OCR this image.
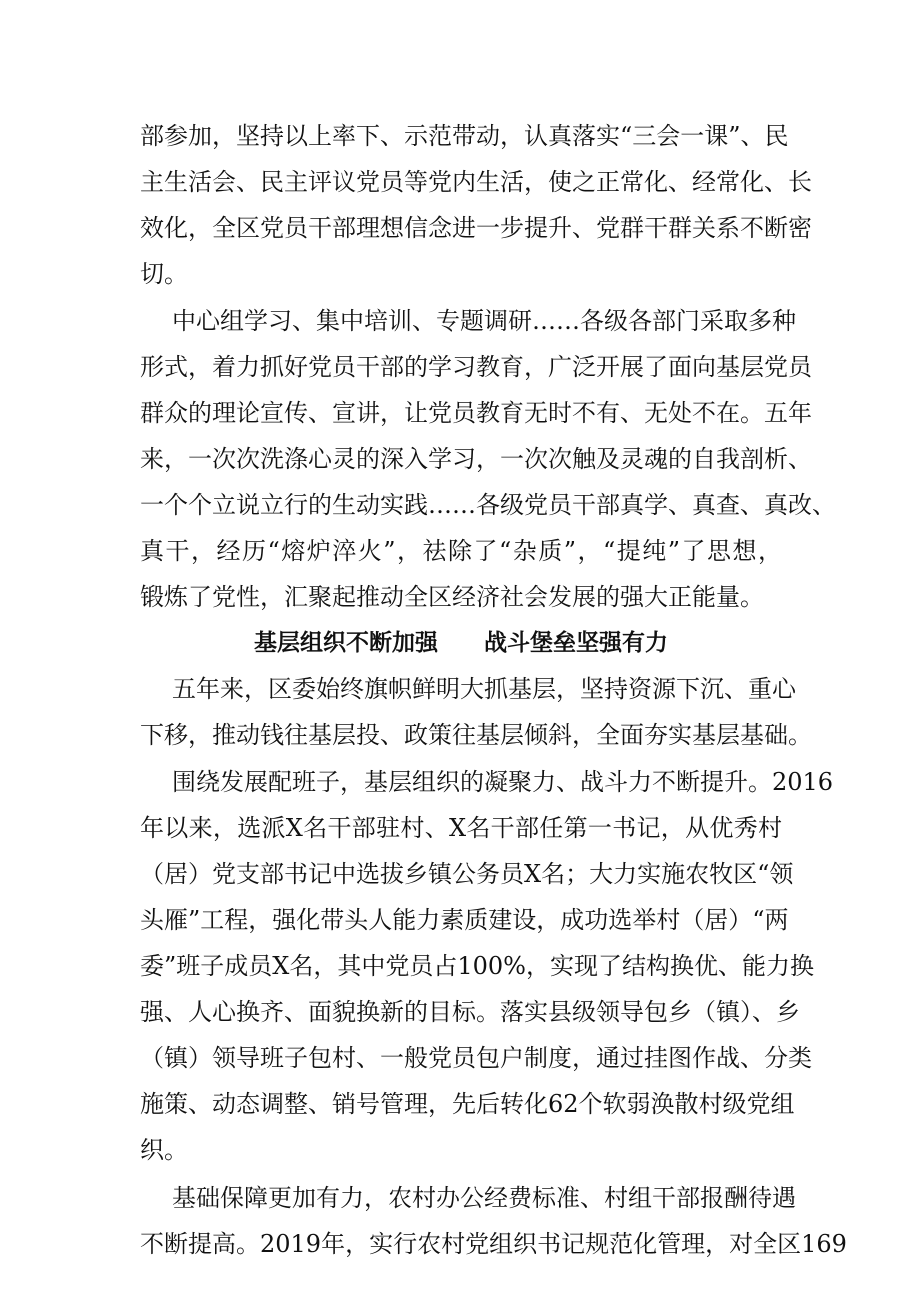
部参加，坚持以上率下、示范带动，认真落实“三会一课”、民
主生活会、民主评议党员等党内生活，使之正常化、经常化、长
效化，全区党员干部理想信念进一步提升、党群干群关系不断密
切。
中心组学习、集中培训、专题调研……各级各部门采取多种
形式，着力抓好党员干部的学习教育，广泛开展了面向基层党员
群众的理论宣传、宣讲，让党员教育无时不有、无处不在。五年
来，一次次洗涤心灵的深入学习，一次次触及灵魂的自我剖析、
一个个立说立行的生动实践……各级党员干部真学、真查、真改、
真干，经历“熔炉淬火”，祛除了“杂质”，“提纯”了思想，
锻炼了党性，汇聚起推动全区经济社会发展的强大正能量。
基层组织不断加强　　战斗堡垒坚强有力
五年来，区委始终旗帜鲜明大抓基层，坚持资源下沉、重心
下移，推动钱往基层投、政策往基层倾斜，全面夯实基层基础。
围绕发展配班子，基层组织的凝聚力、战斗力不断提升。2016
年以来，选派X名干部驻村、X名干部任第一书记，从优秀村
（居）党支部书记中选拔乡镇公务员X名；大力实施农牧区“领
头雁”工程，强化带头人能力素质建设，成功选举村（居）“两
委”班子成员X名，其中党员占100%，实现了结构换优、能力换
强、人心换齐、面貌换新的目标。落实县级领导包乡（镇）、乡
（镇）领导班子包村、一般党员包户制度，通过挂图作战、分类
施策、动态调整、销号管理，先后转化62个软弱涣散村级党组
织。
基础保障更加有力，农村办公经费标准、村组干部报酬待遇
不断提高。2019年，实行农村党组织书记规范化管理，对全区169
